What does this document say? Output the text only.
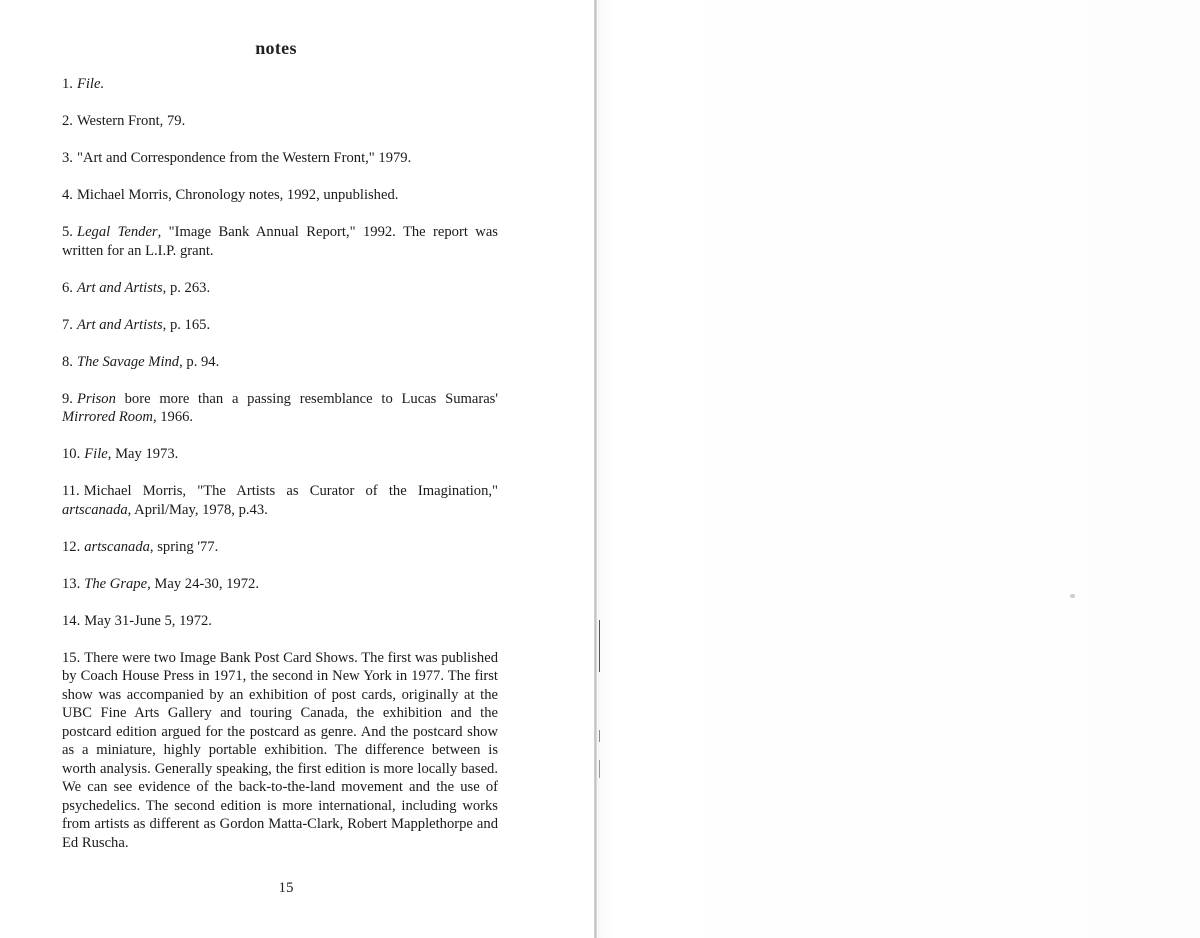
notes
1. File.
2. Western Front, 79.
3. "Art and Correspondence from the Western Front," 1979.
4. Michael Morris, Chronology notes, 1992, unpublished.
5. Legal Tender, "Image Bank Annual Report," 1992. The report was written for an L.I.P. grant.
6. Art and Artists, p. 263.
7. Art and Artists, p. 165.
8. The Savage Mind, p. 94.
9. Prison bore more than a passing resemblance to Lucas Sumaras' Mirrored Room, 1966.
10. File, May 1973.
11. Michael Morris, "The Artists as Curator of the Imagination," artscanada, April/May, 1978, p.43.
12. artscanada, spring '77.
13. The Grape, May 24-30, 1972.
14. May 31-June 5, 1972.
15. There were two Image Bank Post Card Shows. The first was published by Coach House Press in 1971, the second in New York in 1977. The first show was accompanied by an exhibition of post cards, originally at the UBC Fine Arts Gallery and touring Canada, the exhibition and the postcard edition argued for the postcard as genre. And the postcard show as a miniature, highly portable exhibition. The difference between is worth analysis. Generally speaking, the first edition is more locally based. We can see evidence of the back-to-the-land movement and the use of psychedelics. The second edition is more international, including works from artists as different as Gordon Matta-Clark, Robert Mapplethorpe and Ed Ruscha.
15
